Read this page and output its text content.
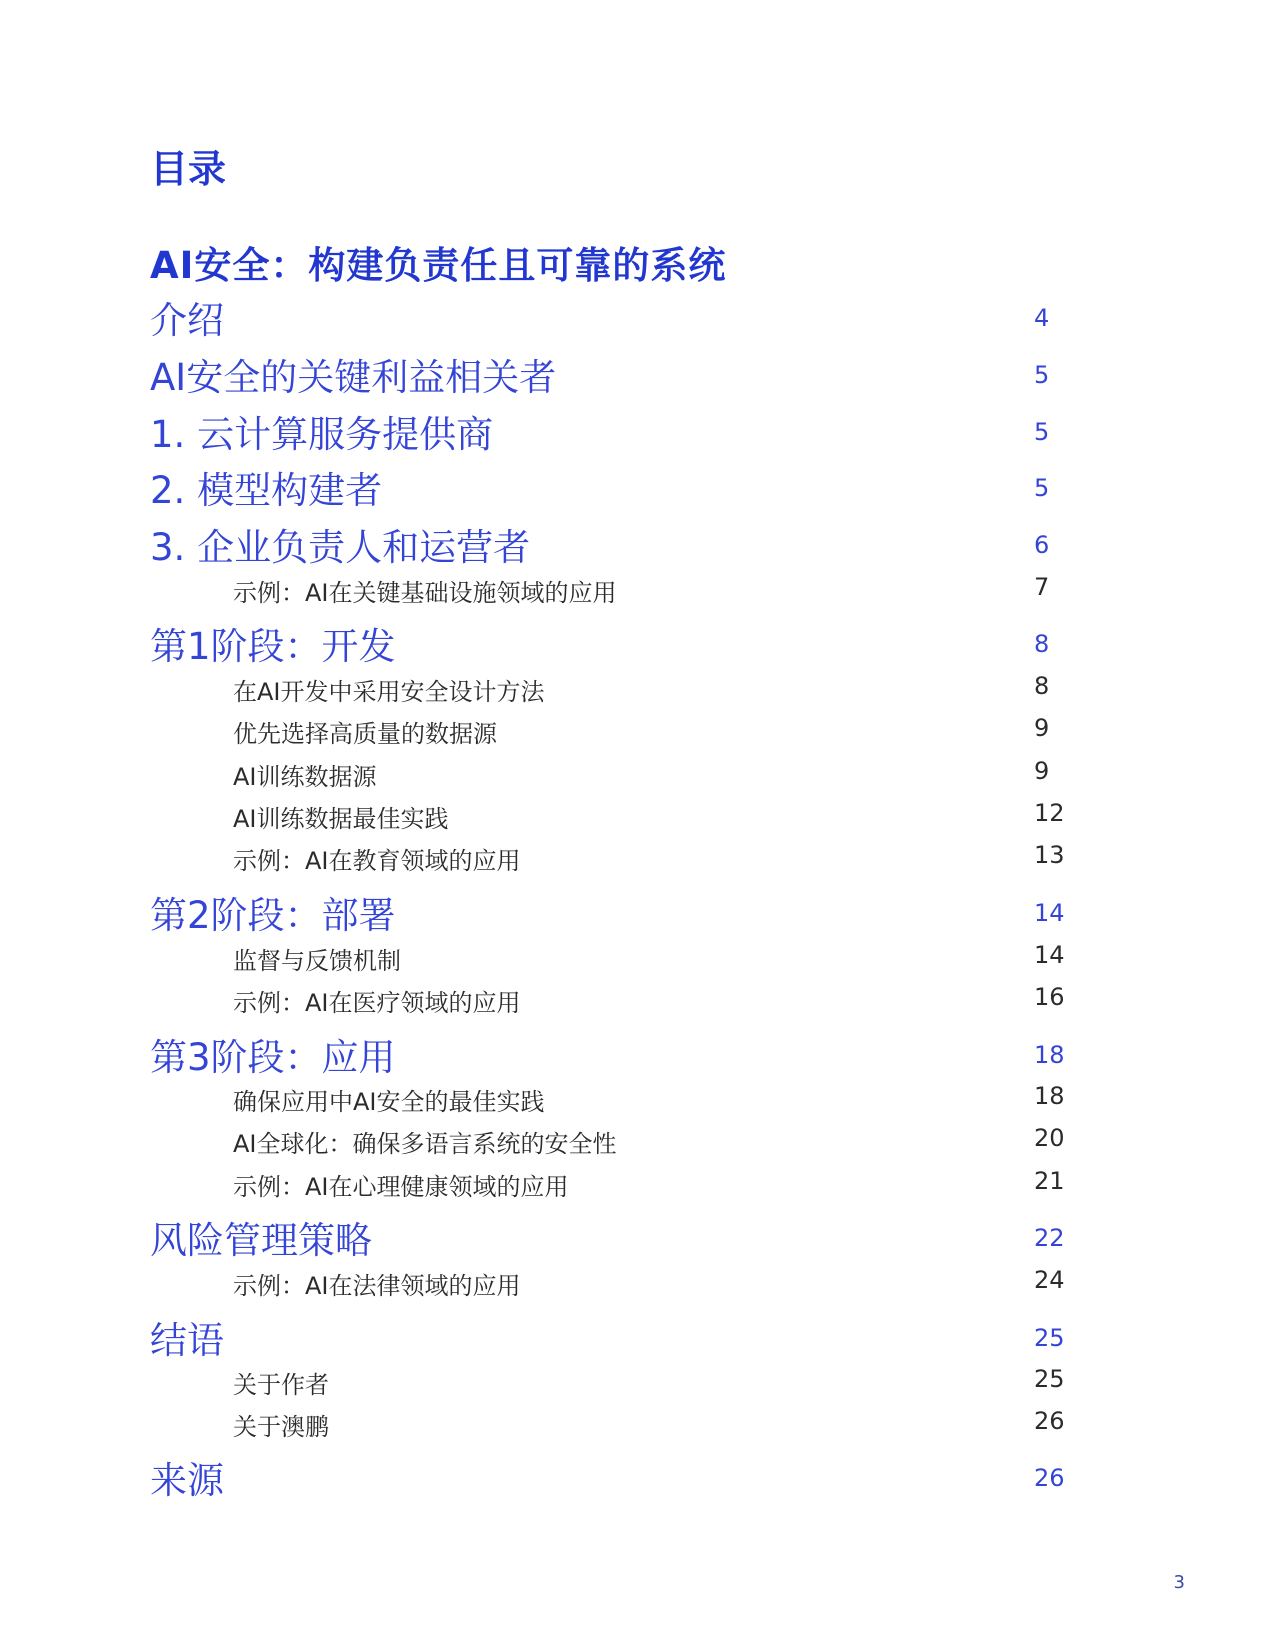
目录
AI安全：构建负责任且可靠的系统
介绍	4
AI安全的关键利益相关者	5
1. 云计算服务提供商	5
2. 模型构建者	5
3. 企业负责人和运营者	6
示例：AI在关键基础设施领域的应用	7
第1阶段：开发	8
在AI开发中采用安全设计方法	8
优先选择高质量的数据源	9
AI训练数据源	9
AI训练数据最佳实践	12
示例：AI在教育领域的应用	13
第2阶段：部署	14
监督与反馈机制	14
示例：AI在医疗领域的应用	16
第3阶段：应用	18
确保应用中AI安全的最佳实践	18
AI全球化：确保多语言系统的安全性	20
示例：AI在心理健康领域的应用	21
风险管理策略	22
示例：AI在法律领域的应用	24
结语	25
关于作者	25
关于澳鹏	26
来源	26
3
